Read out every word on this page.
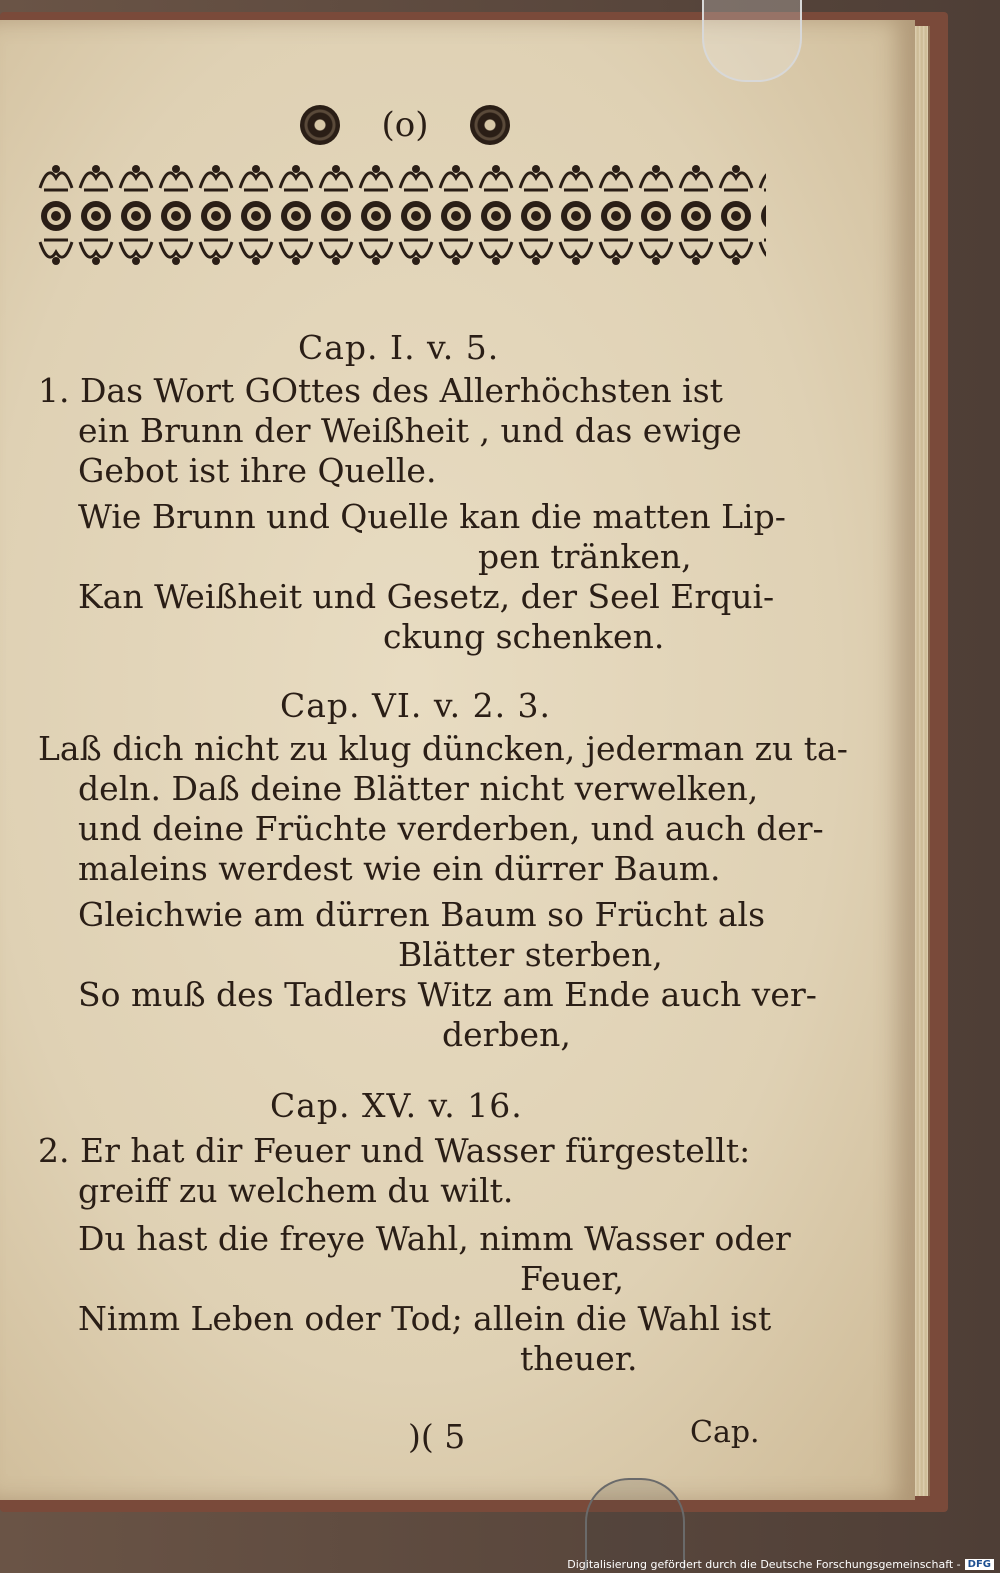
(o)
Cap. I. v. 5.
1. Das Wort GOttes des Allerhöchsten ist
ein Brunn der Weißheit , und das ewige
Gebot ist ihre Quelle.
Wie Brunn und Quelle kan die matten Lip-
pen tränken,
Kan Weißheit und Gesetz, der Seel Erqui-
ckung schenken.
Cap. VI. v. 2. 3.
Laß dich nicht zu klug düncken, jederman zu ta-
deln. Daß deine Blätter nicht verwelken,
und deine Früchte verderben, und auch der-
maleins werdest wie ein dürrer Baum.
Gleichwie am dürren Baum so Frücht als
Blätter sterben,
So muß des Tadlers Witz am Ende auch ver-
derben,
Cap. XV. v. 16.
2. Er hat dir Feuer und Wasser fürgestellt:
greiff zu welchem du wilt.
Du hast die freye Wahl, nimm Wasser oder
Feuer,
Nimm Leben oder Tod; allein die Wahl ist
theuer.
)( 5	Cap.
Digitalisierung gefördert durch die Deutsche Forschungsgemeinschaft - DFG
